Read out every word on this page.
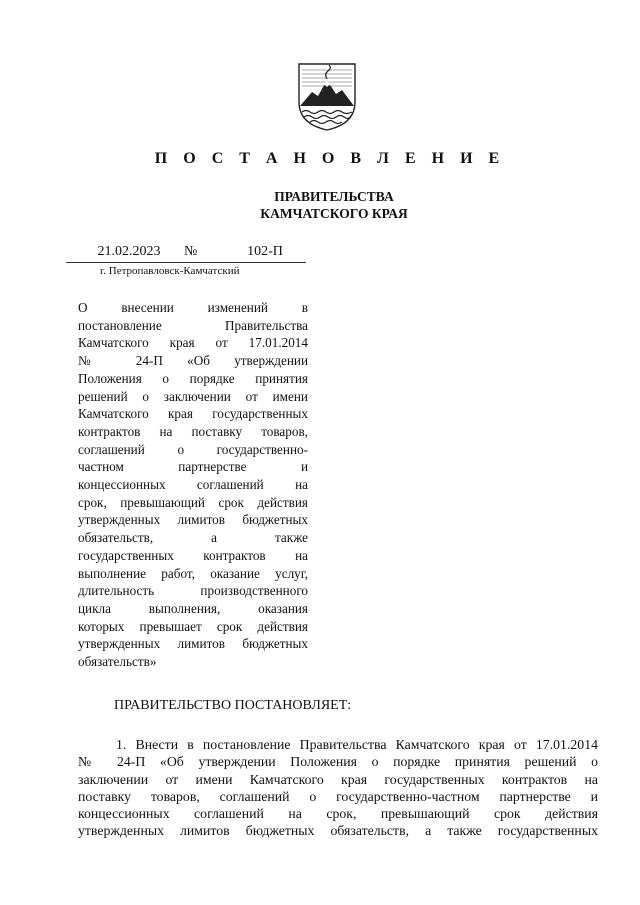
П О С Т А Н О В Л Е Н И Е
ПРАВИТЕЛЬСТВА
КАМЧАТСКОГО КРАЯ
21.02.2023	№	102-П
г. Петропавловск-Камчатский
О внесении изменений в
постановление Правительства
Камчатского края от 17.01.2014
№ 24-П «Об утверждении
Положения о порядке принятия
решений о заключении от имени
Камчатского края государственных
контрактов на поставку товаров,
соглашений о государственно-
частном партнерстве и
концессионных соглашений на
срок, превышающий срок действия
утвержденных лимитов бюджетных
обязательств, а также
государственных контрактов на
выполнение работ, оказание услуг,
длительность производственного
цикла выполнения, оказания
которых превышает срок действия
утвержденных лимитов бюджетных
обязательств»
ПРАВИТЕЛЬСТВО ПОСТАНОВЛЯЕТ:
1. Внести в постановление Правительства Камчатского края от 17.01.2014
№ 24-П «Об утверждении Положения о порядке принятия решений о
заключении от имени Камчатского края государственных контрактов на
поставку товаров, соглашений о государственно-частном партнерстве и
концессионных соглашений на срок, превышающий срок действия
утвержденных лимитов бюджетных обязательств, а также государственных
